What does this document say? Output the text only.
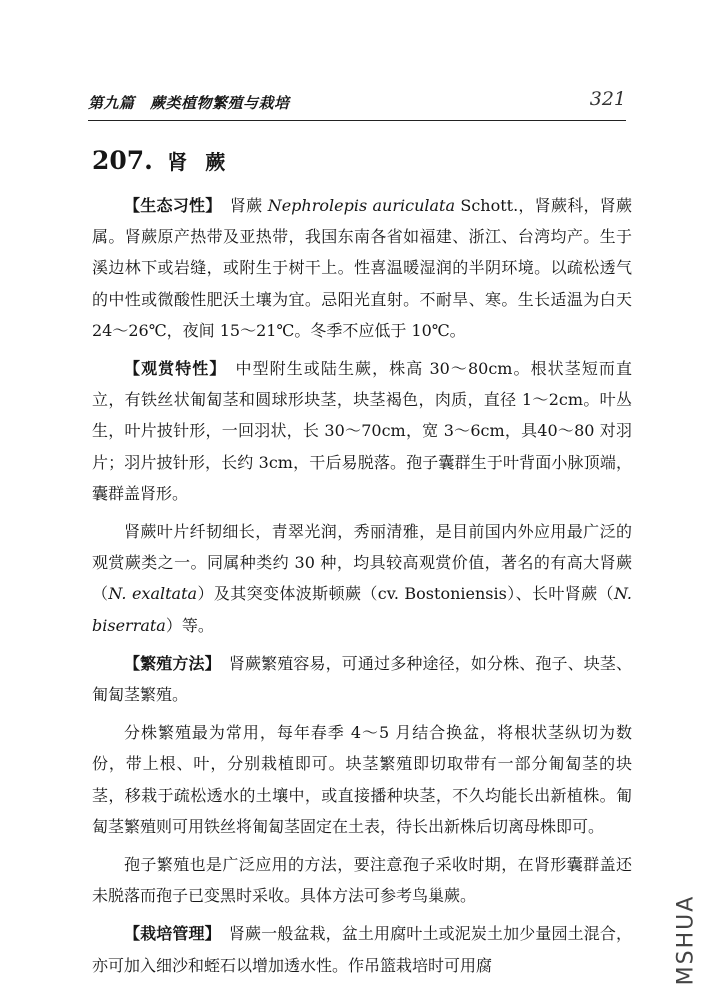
第九篇　蕨类植物繁殖与栽培	321
207. 肾蕨

【生态习性】　肾蕨 Nephrolepis auriculata Schott.，肾蕨科，肾蕨属。肾蕨原产热带及亚热带，我国东南各省如福建、浙江、台湾均产。生于溪边林下或岩缝，或附生于树干上。性喜温暖湿润的半阴环境。以疏松透气的中性或微酸性肥沃土壤为宜。忌阳光直射。不耐旱、寒。生长适温为白天 24～26℃，夜间 15～21℃。冬季不应低于 10℃。

【观赏特性】　中型附生或陆生蕨，株高 30～80cm。根状茎短而直立，有铁丝状匍匐茎和圆球形块茎，块茎褐色，肉质，直径 1～2cm。叶丛生，叶片披针形，一回羽状，长 30～70cm，宽 3～6cm，具40～80 对羽片；羽片披针形，长约 3cm，干后易脱落。孢子囊群生于叶背面小脉顶端，囊群盖肾形。

肾蕨叶片纤韧细长，青翠光润，秀丽清雅，是目前国内外应用最广泛的观赏蕨类之一。同属种类约 30 种，均具较高观赏价值，著名的有高大肾蕨（N. exaltata）及其突变体波斯顿蕨（cv. Bostoniensis）、长叶肾蕨（N. biserrata）等。

【繁殖方法】　肾蕨繁殖容易，可通过多种途径，如分株、孢子、块茎、匍匐茎繁殖。

分株繁殖最为常用，每年春季 4～5 月结合换盆，将根状茎纵切为数份，带上根、叶，分别栽植即可。块茎繁殖即切取带有一部分匍匐茎的块茎，移栽于疏松透水的土壤中，或直接播种块茎，不久均能长出新植株。匍匐茎繁殖则可用铁丝将匍匐茎固定在土表，待长出新株后切离母株即可。

孢子繁殖也是广泛应用的方法，要注意孢子采收时期，在肾形囊群盖还未脱落而孢子已变黑时采收。具体方法可参考鸟巢蕨。

【栽培管理】　肾蕨一般盆栽，盆土用腐叶土或泥炭土加少量园土混合，亦可加入细沙和蛭石以增加透水性。作吊篮栽培时可用腐	MSHUA
